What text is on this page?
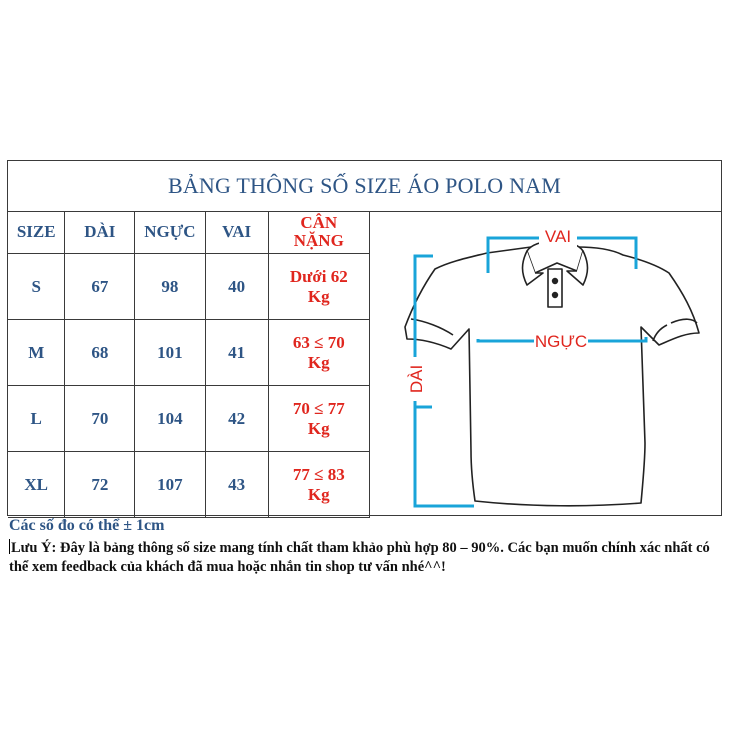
BẢNG THÔNG SỐ SIZE ÁO POLO NAM
SIZE	DÀI	NGỰC	VAI	CÂN
NẶNG
S	67	98	40	Dưới 62
Kg
M	68	101	41	63 ≤ 70
Kg
L	70	104	42	70 ≤ 77
Kg
XL	72	107	43	77 ≤ 83
Kg
VAI
NGỰC
DÀI
Các số đo có thể ± 1cm
Lưu Ý: Đây là bảng thông số size mang tính chất tham khảo phù hợp 80 – 90%. Các bạn muốn chính xác nhất có thể xem feedback của khách đã mua hoặc nhắn tin shop tư vấn nhé^^!
